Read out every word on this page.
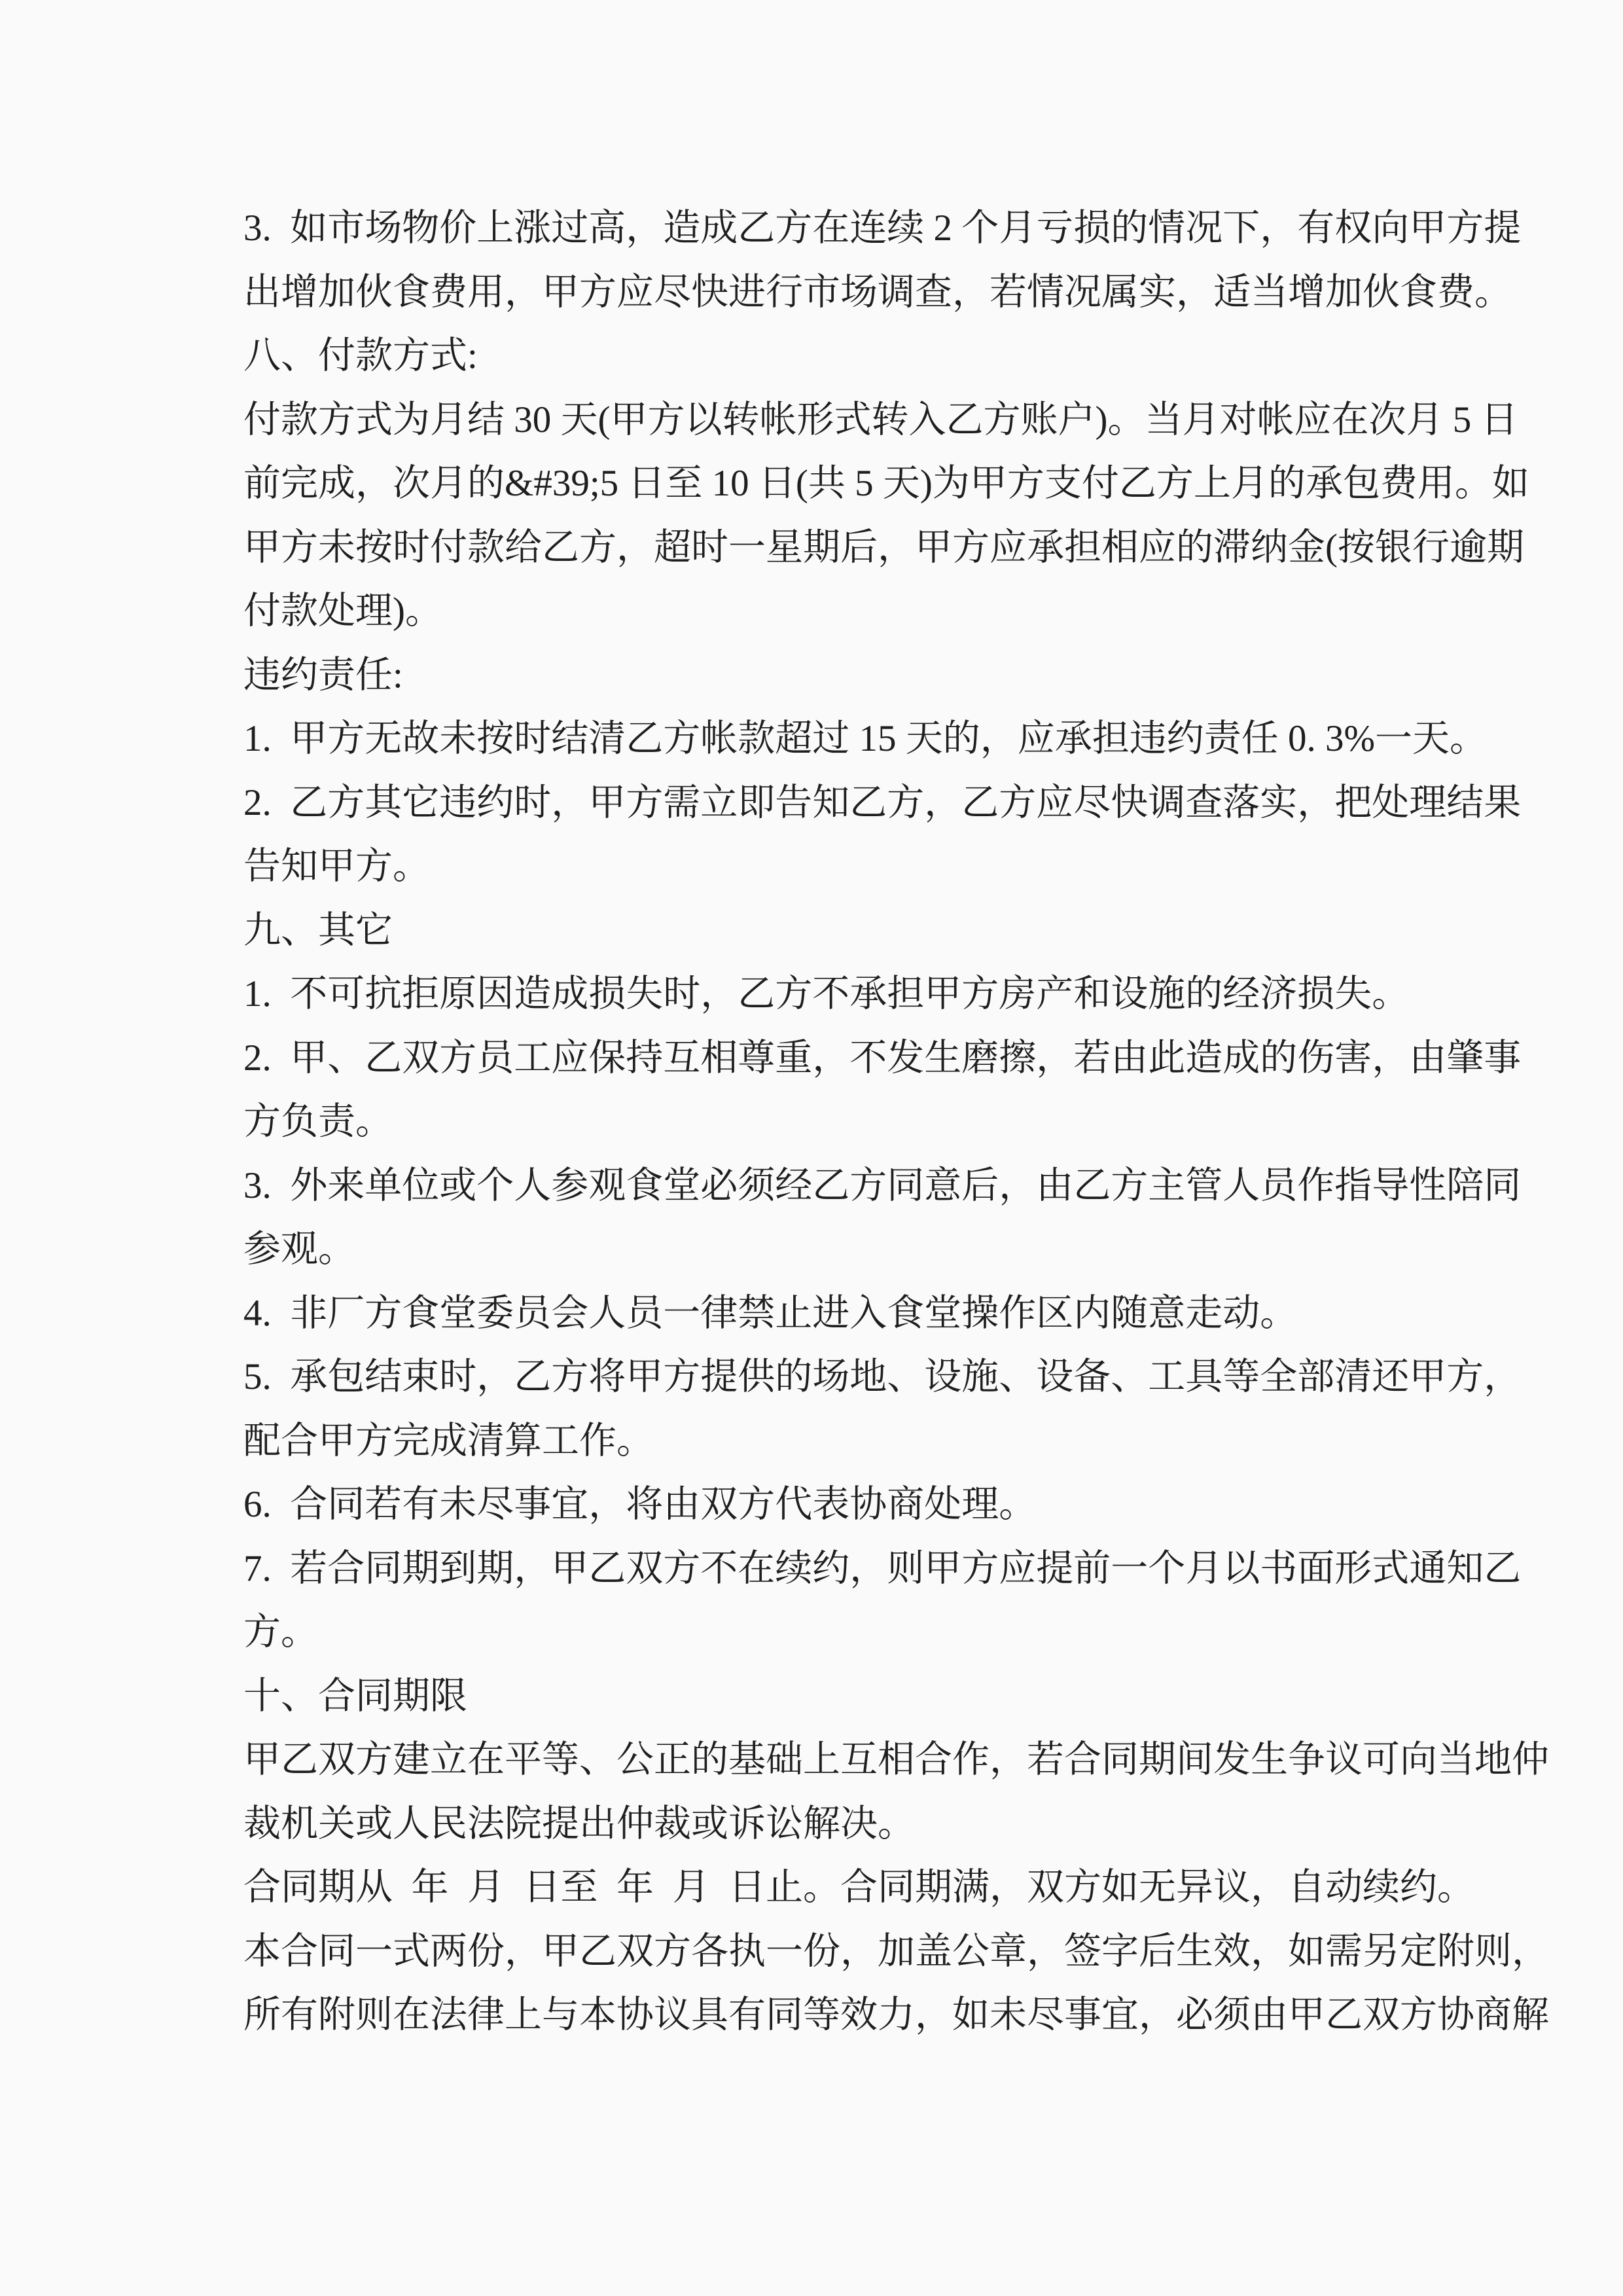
3.  如市场物价上涨过高，造成乙方在连续 2 个月亏损的情况下，有权向甲方提
出增加伙食费用，甲方应尽快进行市场调查，若情况属实，适当增加伙食费。
八、付款方式:
付款方式为月结 30 天(甲方以转帐形式转入乙方账户)。当月对帐应在次月 5 日
前完成，次月的&#39;5 日至 10 日(共 5 天)为甲方支付乙方上月的承包费用。如
甲方未按时付款给乙方，超时一星期后，甲方应承担相应的滞纳金(按银行逾期
付款处理)。
违约责任:
1.  甲方无故未按时结清乙方帐款超过 15 天的，应承担违约责任 0. 3%一天。
2.  乙方其它违约时，甲方需立即告知乙方，乙方应尽快调查落实，把处理结果
告知甲方。
九、其它
1.  不可抗拒原因造成损失时，乙方不承担甲方房产和设施的经济损失。
2.  甲、乙双方员工应保持互相尊重，不发生磨擦，若由此造成的伤害，由肇事
方负责。
3.  外来单位或个人参观食堂必须经乙方同意后，由乙方主管人员作指导性陪同
参观。
4.  非厂方食堂委员会人员一律禁止进入食堂操作区内随意走动。
5.  承包结束时，乙方将甲方提供的场地、设施、设备、工具等全部清还甲方，
配合甲方完成清算工作。
6.  合同若有未尽事宜，将由双方代表协商处理。
7.  若合同期到期，甲乙双方不在续约，则甲方应提前一个月以书面形式通知乙
方。
十、合同期限
甲乙双方建立在平等、公正的基础上互相合作，若合同期间发生争议可向当地仲
裁机关或人民法院提出仲裁或诉讼解决。
合同期从  年  月  日至  年  月  日止。合同期满，双方如无异议，自动续约。
本合同一式两份，甲乙双方各执一份，加盖公章，签字后生效，如需另定附则，
所有附则在法律上与本协议具有同等效力，如未尽事宜，必须由甲乙双方协商解
